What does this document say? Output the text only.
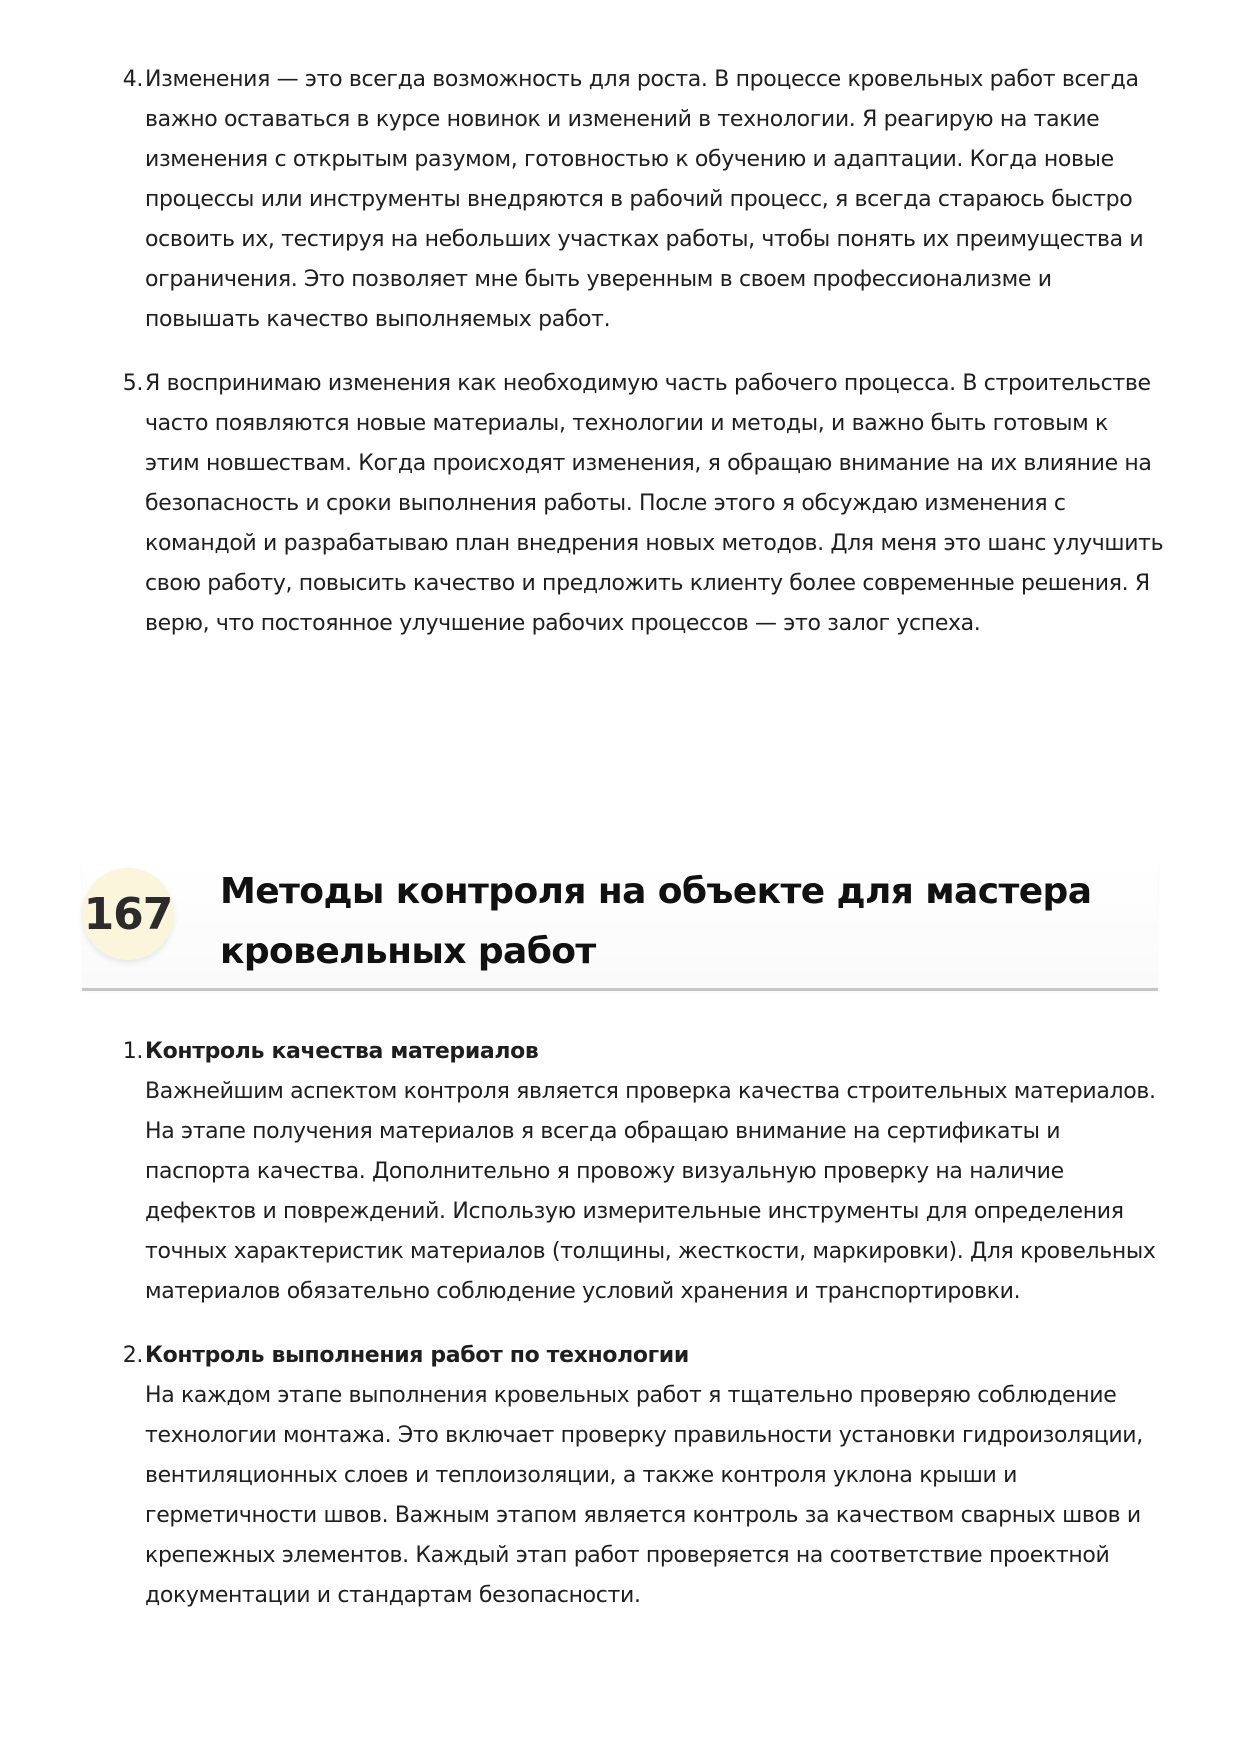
4. Изменения — это всегда возможность для роста. В процессе кровельных работ всегда важно оставаться в курсе новинок и изменений в технологии. Я реагирую на такие изменения с открытым разумом, готовностью к обучению и адаптации. Когда новые процессы или инструменты внедряются в рабочий процесс, я всегда стараюсь быстро освоить их, тестируя на небольших участках работы, чтобы понять их преимущества и ограничения. Это позволяет мне быть уверенным в своем профессионализме и повышать качество выполняемых работ.
5. Я воспринимаю изменения как необходимую часть рабочего процесса. В строительстве часто появляются новые материалы, технологии и методы, и важно быть готовым к этим новшествам. Когда происходят изменения, я обращаю внимание на их влияние на безопасность и сроки выполнения работы. После этого я обсуждаю изменения с командой и разрабатываю план внедрения новых методов. Для меня это шанс улучшить свою работу, повысить качество и предложить клиенту более современные решения. Я верю, что постоянное улучшение рабочих процессов — это залог успеха.
167 Методы контроля на объекте для мастера кровельных работ
1. Контроль качества материалов
Важнейшим аспектом контроля является проверка качества строительных материалов. На этапе получения материалов я всегда обращаю внимание на сертификаты и паспорта качества. Дополнительно я провожу визуальную проверку на наличие дефектов и повреждений. Использую измерительные инструменты для определения точных характеристик материалов (толщины, жесткости, маркировки). Для кровельных материалов обязательно соблюдение условий хранения и транспортировки.
2. Контроль выполнения работ по технологии
На каждом этапе выполнения кровельных работ я тщательно проверяю соблюдение технологии монтажа. Это включает проверку правильности установки гидроизоляции, вентиляционных слоев и теплоизоляции, а также контроля уклона крыши и герметичности швов. Важным этапом является контроль за качеством сварных швов и крепежных элементов. Каждый этап работ проверяется на соответствие проектной документации и стандартам безопасности.
